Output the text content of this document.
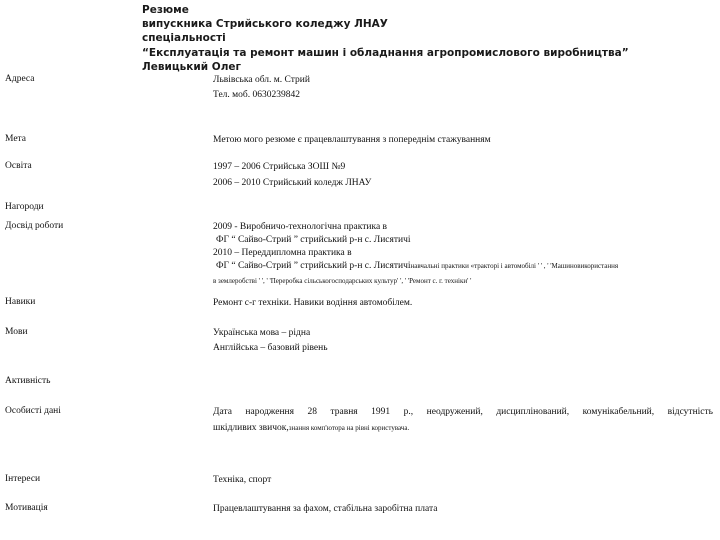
Резюме
випускника Стрийського коледжу ЛНАУ
спеціальності
“Експлуатація та ремонт машин і обладнання агропромислового виробництва”
Левицький Олег
Адреса	Львівська обл. м. Стрий
Тел. моб. 0630239842
Мета	Метою мого резюме є працевлаштування з попереднім стажуванням
Освіта	1997 – 2006 Стрийська ЗОШ №9
2006 – 2010 Стрийський коледж ЛНАУ
Нагороди
Досвід роботи	2009 - Виробничо-технологічна практика в
ФГ “ Сайво-Стрий ” стрийський р-н с. Лисятичі
2010 – Переддипломна практика в
ФГ “ Сайво-Стрий ” стрийський р-н с. Лисятичінавчальні практики «тракторі і автомобілі ' ' , ' 'Машиновикористання
в землеробстві ' ', ' 'Переробка сільськогосподарських культур' ', ' 'Ремонт с. г. техніки' '
Навики	Ремонт с-г техніки. Навики водіння автомобілем.
Мови	Українська мова – рідна
Англійська – базовий рівень
Активність
Особисті дані	Дата народження 28 травня 1991 р., неодружений, дисциплінований, комунікабельний, відсутність
шкідливих звичок,знання комп'ютора на рівні користувача.
Інтереси	Техніка, спорт
Мотивація	Працевлаштування за фахом, стабільна заробітна плата
